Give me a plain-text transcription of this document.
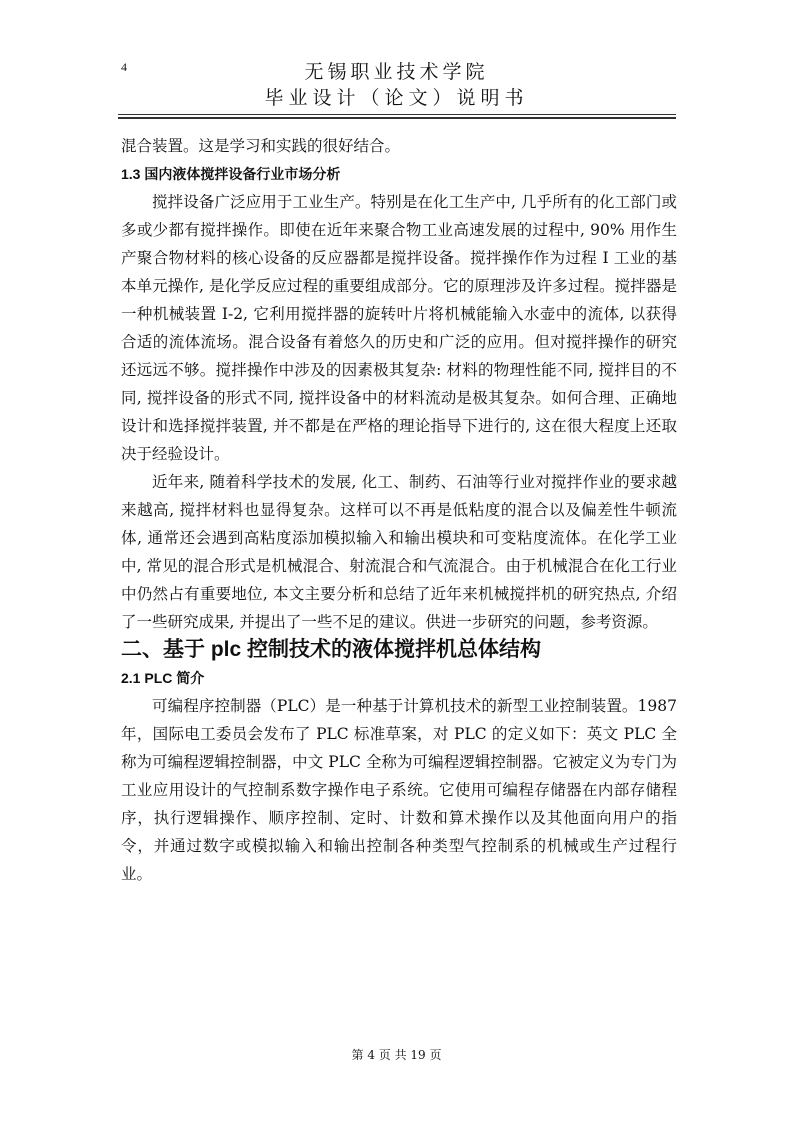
4	无锡职业技术学院
毕业设计（论文）说明书

混合装置。这是学习和实践的很好结合。

1.3 国内液体搅拌设备行业市场分析

搅拌设备广泛应用于工业生产。特别是在化工生产中, 几乎所有的化工部门或多或少都有搅拌操作。即使在近年来聚合物工业高速发展的过程中, 90% 用作生产聚合物材料的核心设备的反应器都是搅拌设备。搅拌操作作为过程 I 工业的基本单元操作, 是化学反应过程的重要组成部分。它的原理涉及许多过程。搅拌器是一种机械装置 I-2, 它利用搅拌器的旋转叶片将机械能输入水壶中的流体, 以获得合适的流体流场。混合设备有着悠久的历史和广泛的应用。但对搅拌操作的研究还远远不够。搅拌操作中涉及的因素极其复杂: 材料的物理性能不同, 搅拌目的不同, 搅拌设备的形式不同, 搅拌设备中的材料流动是极其复杂。如何合理、正确地设计和选择搅拌装置, 并不都是在严格的理论指导下进行的, 这在很大程度上还取决于经验设计。

近年来, 随着科学技术的发展, 化工、制药、石油等行业对搅拌作业的要求越来越高, 搅拌材料也显得复杂。这样可以不再是低粘度的混合以及偏差性牛顿流体, 通常还会遇到高粘度添加模拟输入和输出模块和可变粘度流体。在化学工业中, 常见的混合形式是机械混合、射流混合和气流混合。由于机械混合在化工行业中仍然占有重要地位, 本文主要分析和总结了近年来机械搅拌机的研究热点, 介绍了一些研究成果, 并提出了一些不足的建议。供进一步研究的问题，参考资源。

二、基于 plc 控制技术的液体搅拌机总体结构

2.1 PLC 简介

可编程序控制器（PLC）是一种基于计算机技术的新型工业控制装置。1987年，国际电工委员会发布了 PLC 标准草案，对 PLC 的定义如下：英文 PLC 全称为可编程逻辑控制器，中文 PLC 全称为可编程逻辑控制器。它被定义为专门为工业应用设计的气控制系数字操作电子系统。它使用可编程存储器在内部存储程序，执行逻辑操作、顺序控制、定时、计数和算术操作以及其他面向用户的指令，并通过数字或模拟输入和输出控制各种类型气控制系的机械或生产过程行业。

第 4 页 共 19 页
